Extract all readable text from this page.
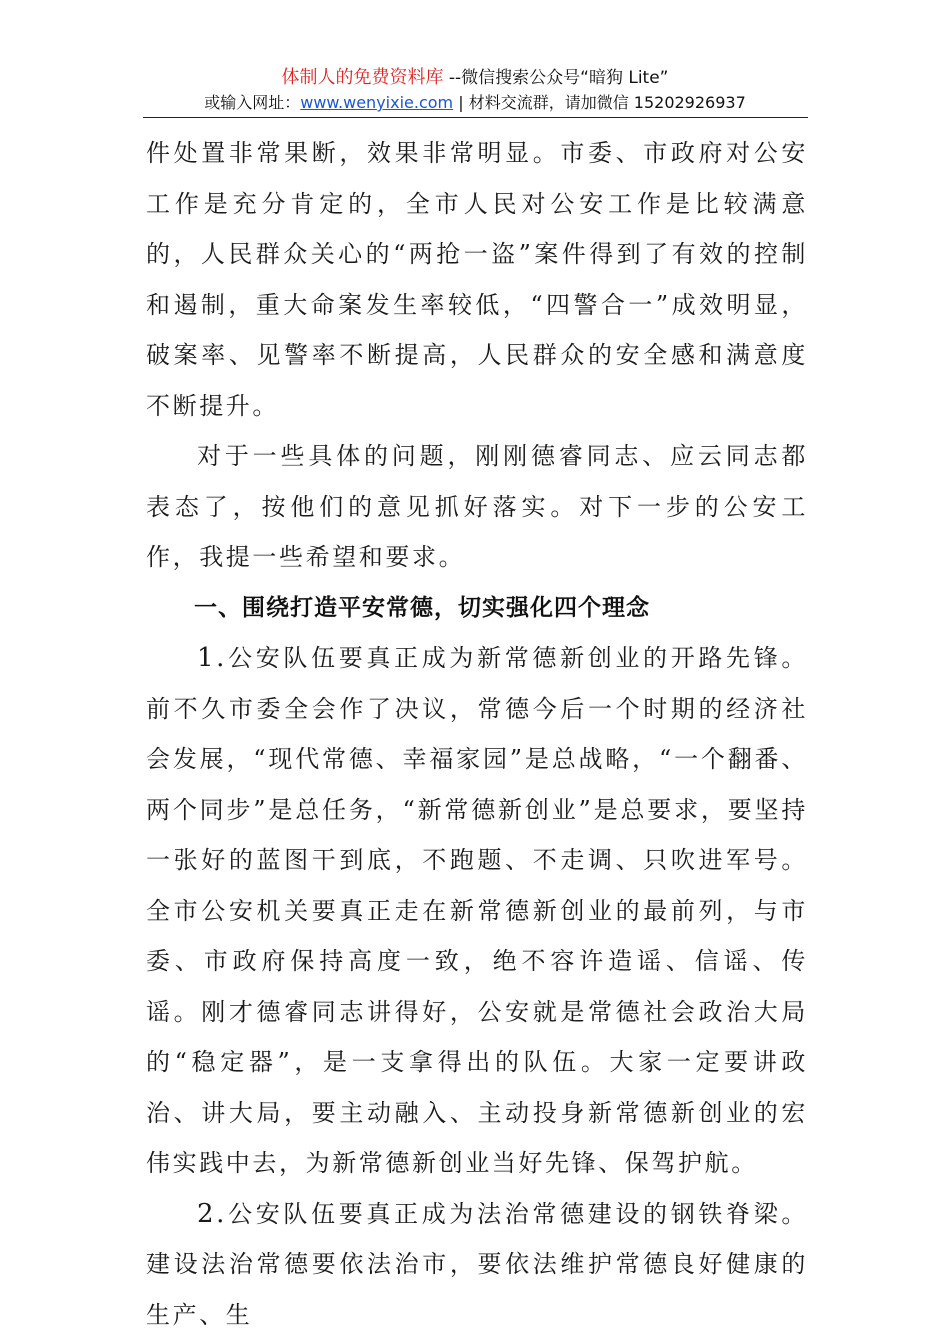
体制人的免费资料库 --微信搜索公众号“暗狗 Lite”
或输入网址：www.wenyixie.com | 材料交流群，请加微信 15202926937

件处置非常果断，效果非常明显。市委、市政府对公安工作是充分肯定的，全市人民对公安工作是比较满意的，人民群众关心的“两抢一盗”案件得到了有效的控制和遏制，重大命案发生率较低，“四警合一”成效明显，破案率、见警率不断提高，人民群众的安全感和满意度不断提升。

对于一些具体的问题，刚刚德睿同志、应云同志都表态了，按他们的意见抓好落实。对下一步的公安工作，我提一些希望和要求。

一、围绕打造平安常德，切实强化四个理念

1.公安队伍要真正成为新常德新创业的开路先锋。前不久市委全会作了决议，常德今后一个时期的经济社会发展，“现代常德、幸福家园”是总战略，“一个翻番、两个同步”是总任务，“新常德新创业”是总要求，要坚持一张好的蓝图干到底，不跑题、不走调、只吹进军号。全市公安机关要真正走在新常德新创业的最前列，与市委、市政府保持高度一致，绝不容许造谣、信谣、传谣。刚才德睿同志讲得好，公安就是常德社会政治大局的“稳定器”，是一支拿得出的队伍。大家一定要讲政治、讲大局，要主动融入、主动投身新常德新创业的宏伟实践中去，为新常德新创业当好先锋、保驾护航。

2.公安队伍要真正成为法治常德建设的钢铁脊梁。建设法治常德要依法治市，要依法维护常德良好健康的生产、生
